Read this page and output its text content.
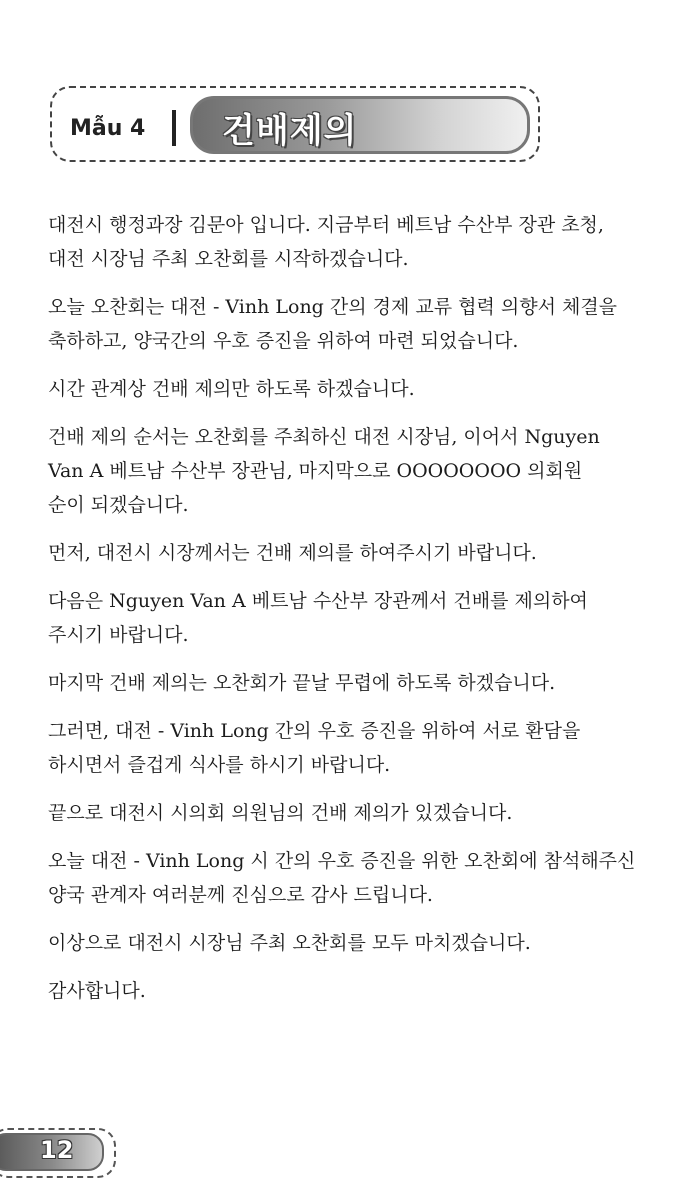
Mẫu 4 건배제의
대전시 행정과장 김문아 입니다. 지금부터 베트남 수산부 장관 초청,
대전 시장님 주최 오찬회를 시작하겠습니다.
오늘 오찬회는 대전 - Vinh Long 간의 경제 교류 협력 의향서 체결을
축하하고, 양국간의 우호 증진을 위하여 마련 되었습니다.
시간 관계상 건배 제의만 하도록 하겠습니다.
건배 제의 순서는 오찬회를 주최하신 대전 시장님, 이어서 Nguyen
Van A 베트남 수산부 장관님, 마지막으로 OOOOOOOO 의회원
순이 되겠습니다.
먼저, 대전시 시장께서는 건배 제의를 하여주시기 바랍니다.
다음은 Nguyen Van A 베트남 수산부 장관께서 건배를 제의하여
주시기 바랍니다.
마지막 건배 제의는 오찬회가 끝날 무렵에 하도록 하겠습니다.
그러면, 대전 - Vinh Long 간의 우호 증진을 위하여 서로 환담을
하시면서 즐겁게 식사를 하시기 바랍니다.
끝으로 대전시 시의회 의원님의 건배 제의가 있겠습니다.
오늘 대전 - Vinh Long 시 간의 우호 증진을 위한 오찬회에 참석해주신
양국 관계자 여러분께 진심으로 감사 드립니다.
이상으로 대전시 시장님 주최 오찬회를 모두 마치겠습니다.
감사합니다.
12
